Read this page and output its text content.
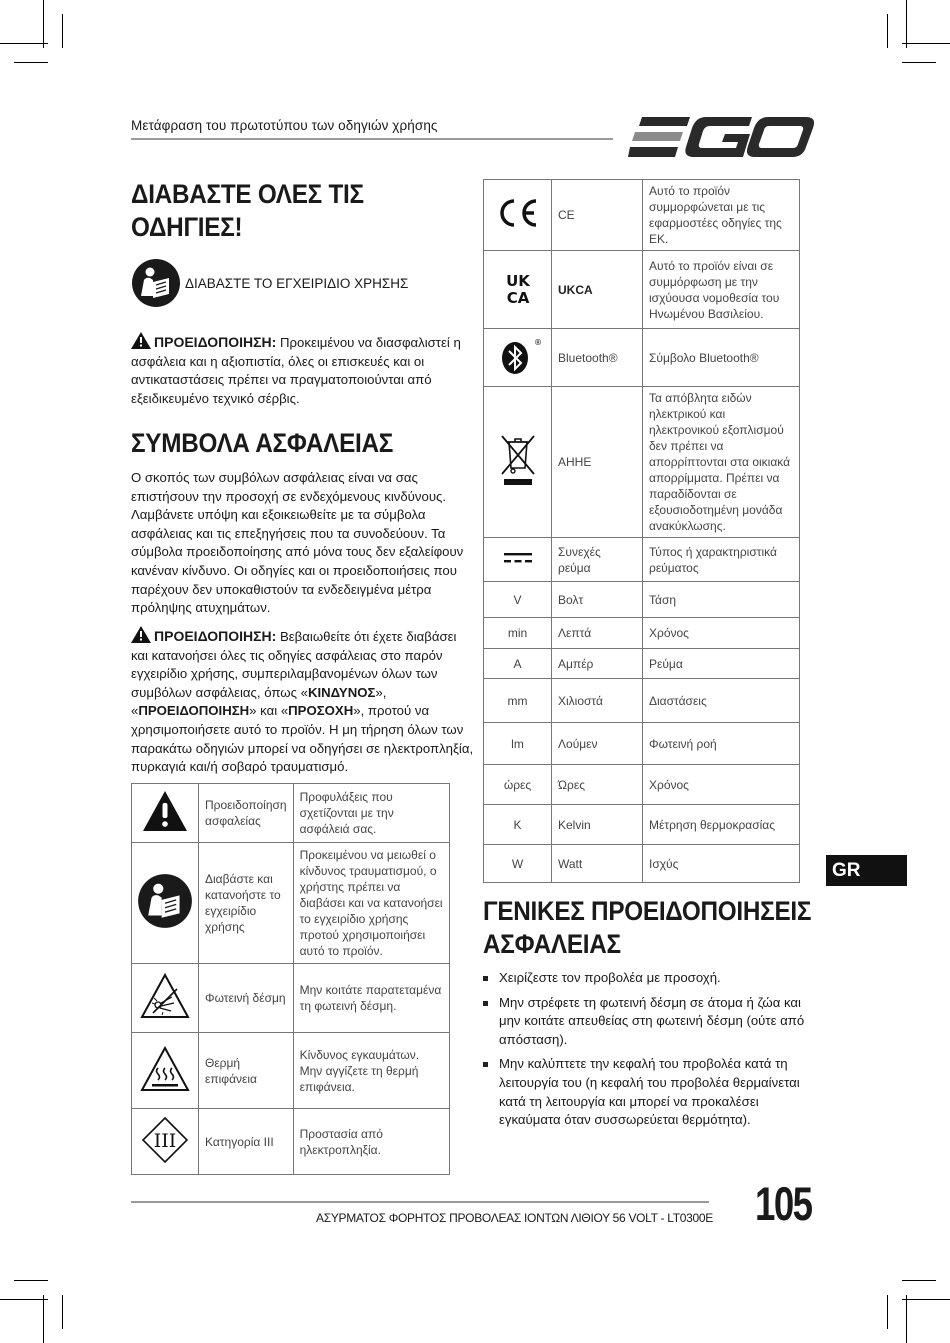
Μετάφραση του πρωτοτύπου των οδηγιών χρήσης
ΔΙΑΒΑΣΤΕ ΟΛΕΣ ΤΙΣ
ΟΔΗΓΙΕΣ!
ΔΙΑΒΑΣΤΕ ΤΟ ΕΓΧΕΙΡΙΔΙΟ ΧΡΗΣΗΣ
ΠΡΟΕΙΔΟΠΟΙΗΣΗ: Προκειμένου να διασφαλιστεί η ασφάλεια και η αξιοπιστία, όλες οι επισκευές και οι αντικαταστάσεις πρέπει να πραγματοποιούνται από εξειδικευμένο τεχνικό σέρβις.
ΣΥΜΒΟΛΑ ΑΣΦΑΛΕΙΑΣ
Ο σκοπός των συμβόλων ασφάλειας είναι να σας επιστήσουν την προσοχή σε ενδεχόμενους κινδύνους. Λαμβάνετε υπόψη και εξοικειωθείτε με τα σύμβολα ασφάλειας και τις επεξηγήσεις που τα συνοδεύουν. Τα σύμβολα προειδοποίησης από μόνα τους δεν εξαλείφουν κανέναν κίνδυνο. Οι οδηγίες και οι προειδοποιήσεις που παρέχουν δεν υποκαθιστούν τα ενδεδειγμένα μέτρα πρόληψης ατυχημάτων.
ΠΡΟΕΙΔΟΠΟΙΗΣΗ: Βεβαιωθείτε ότι έχετε διαβάσει και κατανοήσει όλες τις οδηγίες ασφάλειας στο παρόν εγχειρίδιο χρήσης, συμπεριλαμβανομένων όλων των συμβόλων ασφάλειας, όπως «ΚΙΝΔΥΝΟΣ», «ΠΡΟΕΙΔΟΠΟΙΗΣΗ» και «ΠΡΟΣΟΧΗ», προτού να χρησιμοποιήσετε αυτό το προϊόν. Η μη τήρηση όλων των παρακάτω οδηγιών μπορεί να οδηγήσει σε ηλεκτροπληξία, πυρκαγιά και/ή σοβαρό τραυματισμό.
	Προειδοποίηση ασφαλείας	Προφυλάξεις που σχετίζονται με την ασφάλειά σας.
	Διαβάστε και κατανοήστε το εγχειρίδιο χρήσης	Προκειμένου να μειωθεί ο κίνδυνος τραυματισμού, ο χρήστης πρέπει να διαβάσει και να κατανοήσει το εγχειρίδιο χρήσης προτού χρησιμοποιήσει αυτό το προϊόν.
	Φωτεινή δέσμη	Μην κοιτάτε παρατεταμένα τη φωτεινή δέσμη.
	Θερμή επιφάνεια	Κίνδυνος εγκαυμάτων. Μην αγγίζετε τη θερμή επιφάνεια.

III	Κατηγορία III	Προστασία από ηλεκτροπληξία.
	CE	Αυτό το προϊόν συμμορφώνεται με τις εφαρμοστέες οδηγίες της ΕΚ.

UK
CA	UKCA	Αυτό το προϊόν είναι σε συμμόρφωση με την ισχύουσα νομοθεσία του Ηνωμένου Βασιλείου.

®	Bluetooth®	Σύμβολο Bluetooth®
	ΑΗΗΕ	Τα απόβλητα ειδών ηλεκτρικού και ηλεκτρονικού εξοπλισμού δεν πρέπει να απορρίπτονται στα οικιακά απορρίμματα. Πρέπει να παραδίδονται σε εξουσιοδοτημένη μονάδα ανακύκλωσης.
	Συνεχές ρεύμα	Τύπος ή χαρακτηριστικά ρεύματος
V	Βολτ	Τάση
min	Λεπτά	Χρόνος
A	Αμπέρ	Ρεύμα
mm	Χιλιοστά	Διαστάσεις
lm	Λούμεν	Φωτεινή ροή
ώρες	Ώρες	Χρόνος
K	Kelvin	Μέτρηση θερμοκρασίας
W	Watt	Ισχύς	GR
ΓΕΝΙΚΕΣ ΠΡΟΕΙΔΟΠΟΙΗΣΕΙΣ
ΑΣΦΑΛΕΙΑΣ
Χειρίζεστε τον προβολέα με προσοχή.
Μην στρέφετε τη φωτεινή δέσμη σε άτομα ή ζώα και μην κοιτάτε απευθείας στη φωτεινή δέσμη (ούτε από απόσταση).
Μην καλύπτετε την κεφαλή του προβολέα κατά τη λειτουργία του (η κεφαλή του προβολέα θερμαίνεται κατά τη λειτουργία και μπορεί να προκαλέσει εγκαύματα όταν συσσωρεύεται θερμότητα).
ΑΣΥΡΜΑΤΟΣ ΦΟΡΗΤΟΣ ΠΡΟΒΟΛΕΑΣ ΙΟΝΤΩΝ ΛΙΘΙΟΥ 56 VOLT - LT0300E 105
